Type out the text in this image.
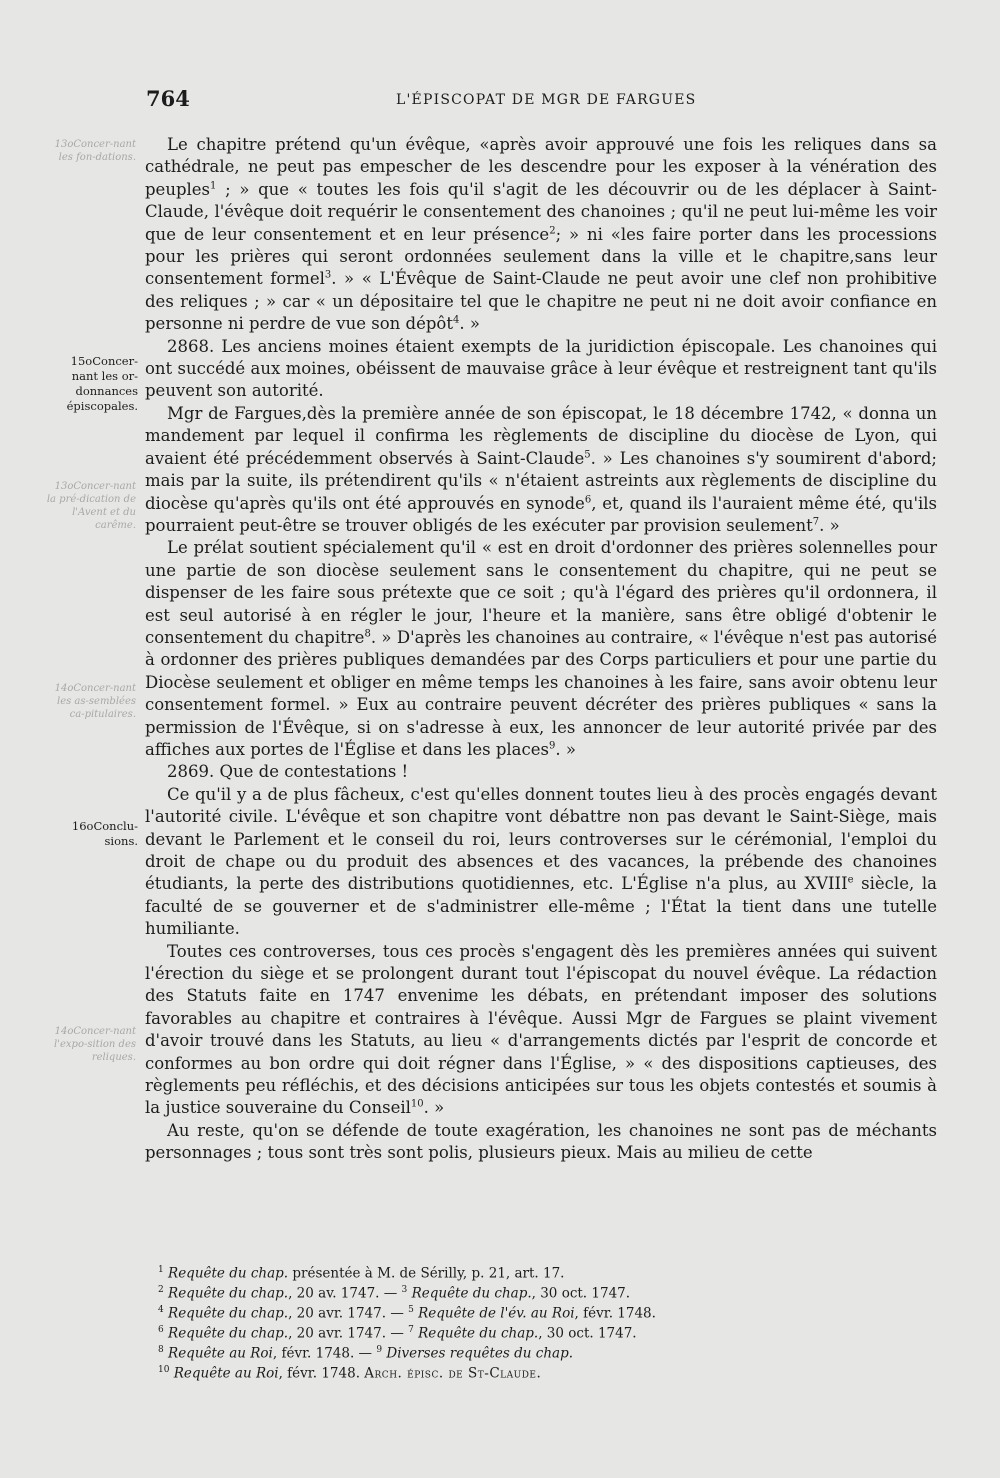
764	L'ÉPISCOPAT DE MGR DE FARGUES
13oConcer-nant les fon-dations.
13oConcer-nant la pré-dication de l'Avent et du carême.
14oConcer-nant les as-semblées ca-pitulaires.
14oConcer-nant l'expo-sition des reliques.
15oConcer-nant les or-donnances épiscopales.
16oConclu-sions.

Le chapitre prétend qu'un évêque, «après avoir approuvé une fois les reliques dans sa cathédrale, ne peut pas empescher de les descendre pour les exposer à la vénération des peuples$^1$ ; » que « toutes les fois qu'il s'agit de les découvrir ou de les déplacer à Saint-Claude, l'évêque doit requérir le consentement des chanoines ; qu'il ne peut lui-même les voir que de leur consentement et en leur présence$^2$; » ni «les faire porter dans les processions pour les prières qui seront ordonnées seulement dans la ville et le chapitre,sans leur consentement formel$^3$. » « L'Évêque de Saint-Claude ne peut avoir une clef non prohibitive des reliques ; » car « un dépositaire tel que le chapitre ne peut ni ne doit avoir confiance en personne ni perdre de vue son dépôt$^4$. »

2868. Les anciens moines étaient exempts de la juridiction épiscopale. Les chanoines qui ont succédé aux moines, obéissent de mauvaise grâce à leur évêque et restreignent tant qu'ils peuvent son autorité.

Mgr de Fargues,dès la première année de son épiscopat, le 18 décembre 1742, « donna un mandement par lequel il confirma les règlements de discipline du diocèse de Lyon, qui avaient été précédemment observés à Saint-Claude$^5$. » Les chanoines s'y soumirent d'abord; mais par la suite, ils prétendirent qu'ils « n'étaient astreints aux règlements de discipline du diocèse qu'après qu'ils ont été approuvés en synode$^6$, et, quand ils l'auraient même été, qu'ils pourraient peut-être se trouver obligés de les exécuter par provision seulement$^7$. »

Le prélat soutient spécialement qu'il « est en droit d'ordonner des prières solennelles pour une partie de son diocèse seulement sans le consentement du chapitre, qui ne peut se dispenser de les faire sous prétexte que ce soit ; qu'à l'égard des prières qu'il ordonnera, il est seul autorisé à en régler le jour, l'heure et la manière, sans être obligé d'obtenir le consentement du chapitre$^8$. » D'après les chanoines au contraire, « l'évêque n'est pas autorisé à ordonner des prières publiques demandées par des Corps particuliers et pour une partie du Diocèse seulement et obliger en même temps les chanoines à les faire, sans avoir obtenu leur consentement formel. » Eux au contraire peuvent décréter des prières publiques « sans la permission de l'Évêque, si on s'adresse à eux, les annoncer de leur autorité privée par des affiches aux portes de l'Église et dans les places$^9$. »

2869. Que de contestations !

Ce qu'il y a de plus fâcheux, c'est qu'elles donnent toutes lieu à des procès engagés devant l'autorité civile. L'évêque et son chapitre vont débattre non pas devant le Saint-Siège, mais devant le Parlement et le conseil du roi, leurs controverses sur le cérémonial, l'emploi du droit de chape ou du produit des absences et des vacances, la prébende des chanoines étudiants, la perte des distributions quotidiennes, etc. L'Église n'a plus, au XVIIIe siècle, la faculté de se gouverner et de s'administrer elle-même ; l'État la tient dans une tutelle humiliante.

Toutes ces controverses, tous ces procès s'engagent dès les premières années qui suivent l'érection du siège et se prolongent durant tout l'épiscopat du nouvel évêque. La rédaction des Statuts faite en 1747 envenime les débats, en prétendant imposer des solutions favorables au chapitre et contraires à l'évêque. Aussi Mgr de Fargues se plaint vivement d'avoir trouvé dans les Statuts, au lieu « d'arrangements dictés par l'esprit de concorde et conformes au bon ordre qui doit régner dans l'Église, » « des dispositions captieuses, des règlements peu réfléchis, et des décisions anticipées sur tous les objets contestés et soumis à la justice souveraine du Conseil$^{10}$. »

Au reste, qu'on se défende de toute exagération, les chanoines ne sont pas de méchants personnages ; tous sont très sont polis, plusieurs pieux. Mais au milieu de cette

$^1$ Requête du chap. présentée à M. de Sérilly, p. 21, art. 17.
$^2$ Requête du chap., 20 av. 1747. — $^3$ Requête du chap., 30 oct. 1747.
$^4$ Requête du chap., 20 avr. 1747. — $^5$ Requête de l'év. au Roi, févr. 1748.
$^6$ Requête du chap., 20 avr. 1747. — $^7$ Requête du chap., 30 oct. 1747.
$^8$ Requête au Roi, févr. 1748. — $^9$ Diverses requêtes du chap.
$^{10}$ Requête au Roi, févr. 1748. Arch. épisc. de St-Claude.
